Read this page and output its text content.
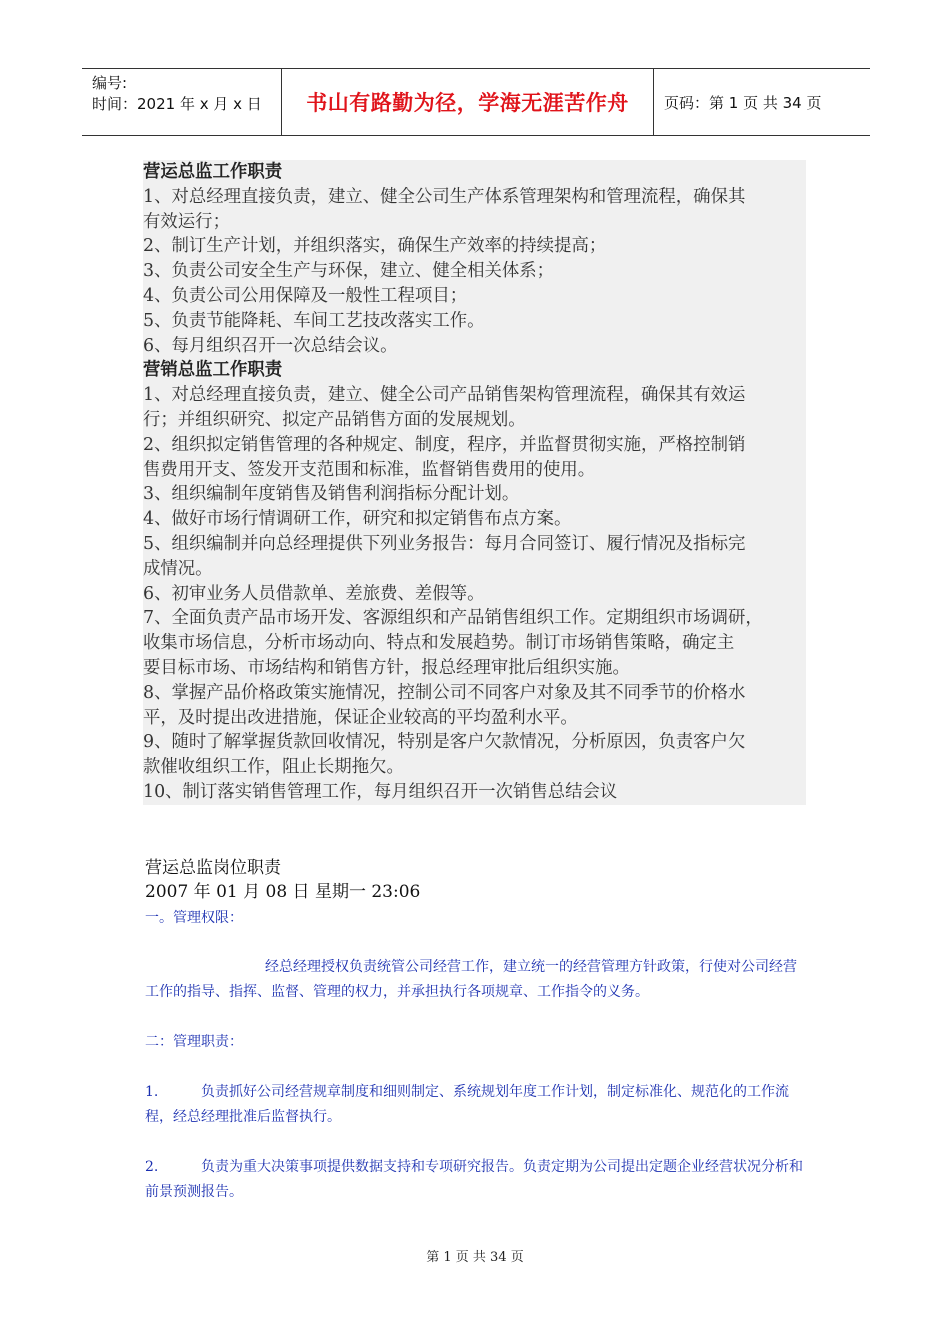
编号:
时间：2021 年 x 月 x 日	书山有路勤为径，学海无涯苦作舟	页码：第 1 页 共 34 页

营运总监工作职责

1、对总经理直接负责，建立、健全公司生产体系管理架构和管理流程，确保其

有效运行；

2、制订生产计划，并组织落实，确保生产效率的持续提高；

3、负责公司安全生产与环保，建立、健全相关体系；

4、负责公司公用保障及一般性工程项目；

5、负责节能降耗、车间工艺技改落实工作。

6、每月组织召开一次总结会议。

营销总监工作职责

1、对总经理直接负责，建立、健全公司产品销售架构管理流程，确保其有效运

行；并组织研究、拟定产品销售方面的发展规划。

2、组织拟定销售管理的各种规定、制度，程序，并监督贯彻实施，严格控制销

售费用开支、签发开支范围和标准，监督销售费用的使用。

3、组织编制年度销售及销售利润指标分配计划。

4、做好市场行情调研工作，研究和拟定销售布点方案。

5、组织编制并向总经理提供下列业务报告：每月合同签订、履行情况及指标完

成情况。

6、初审业务人员借款单、差旅费、差假等。

7、全面负责产品市场开发、客源组织和产品销售组织工作。定期组织市场调研，

收集市场信息，分析市场动向、特点和发展趋势。制订市场销售策略，确定主

要目标市场、市场结构和销售方针，报总经理审批后组织实施。

8、掌握产品价格政策实施情况，控制公司不同客户对象及其不同季节的价格水

平，及时提出改进措施，保证企业较高的平均盈利水平。

9、随时了解掌握货款回收情况，特别是客户欠款情况，分析原因，负责客户欠

款催收组织工作，阻止长期拖欠。

10、制订落实销售管理工作，每月组织召开一次销售总结会议

营运总监岗位职责

2007 年 01 月 08 日 星期一 23:06

一。管理权限：

经总经理授权负责统管公司经营工作，建立统一的经营管理方针政策，行使对公司经营工作的指导、指挥、监督、管理的权力，并承担执行各项规章、工作指令的义务。

二：管理职责：

1.	负责抓好公司经营规章制度和细则制定、系统规划年度工作计划，制定标准化、规范化的工作流程，经总经理批准后监督执行。

2.	负责为重大决策事项提供数据支持和专项研究报告。负责定期为公司提出定题企业经营状况分析和前景预测报告。

第 1 页 共 34 页
